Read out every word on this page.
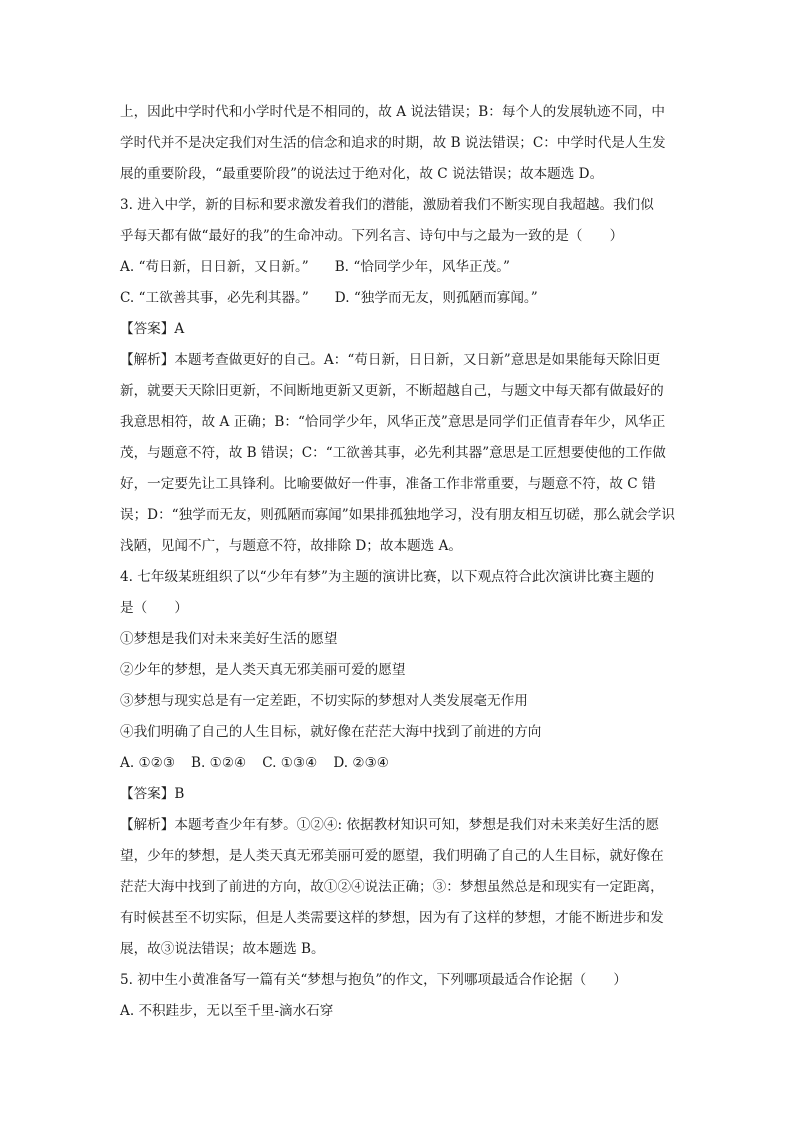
上，因此中学时代和小学时代是不相同的，故 A 说法错误；B：每个人的发展轨迹不同，中
学时代并不是决定我们对生活的信念和追求的时期，故 B 说法错误；C：中学时代是人生发
展的重要阶段，“最重要阶段”的说法过于绝对化，故 C 说法错误；故本题选 D。
3. 进入中学，新的目标和要求激发着我们的潜能，激励着我们不断实现自我超越。我们似
乎每天都有做“最好的我”的生命冲动。下列名言、诗句中与之最为一致的是（　　）
A. “苟日新，日日新，又日新。” B. “恰同学少年，风华正茂。”
C. “工欲善其事，必先利其器。” D. “独学而无友，则孤陋而寡闻。”
【答案】A
【解析】本题考查做更好的自己。A：“苟日新，日日新，又日新”意思是如果能每天除旧更
新，就要天天除旧更新，不间断地更新又更新，不断超越自己，与题文中每天都有做最好的
我意思相符，故 A 正确；B：“恰同学少年，风华正茂”意思是同学们正值青春年少，风华正
茂，与题意不符，故 B 错误；C：“工欲善其事，必先利其器”意思是工匠想要使他的工作做
好，一定要先让工具锋利。比喻要做好一件事，准备工作非常重要，与题意不符，故 C 错
误；D：“独学而无友，则孤陋而寡闻”如果排孤独地学习，没有朋友相互切磋，那么就会学识
浅陋，见闻不广，与题意不符，故排除 D；故本题选 A。
4. 七年级某班组织了以“少年有梦”为主题的演讲比赛，以下观点符合此次演讲比赛主题的
是（　　）
①梦想是我们对未来美好生活的愿望
②少年的梦想，是人类天真无邪美丽可爱的愿望
③梦想与现实总是有一定差距，不切实际的梦想对人类发展毫无作用
④我们明确了自己的人生目标，就好像在茫茫大海中找到了前进的方向
A. ①②③ B. ①②④ C. ①③④ D. ②③④
【答案】B
【解析】本题考查少年有梦。①②④: 依据教材知识可知，梦想是我们对未来美好生活的愿
望，少年的梦想，是人类天真无邪美丽可爱的愿望，我们明确了自己的人生目标，就好像在
茫茫大海中找到了前进的方向，故①②④说法正确；③：梦想虽然总是和现实有一定距离，
有时候甚至不切实际，但是人类需要这样的梦想，因为有了这样的梦想，才能不断进步和发
展，故③说法错误；故本题选 B。
5. 初中生小黄准备写一篇有关“梦想与抱负”的作文，下列哪项最适合作论据（　　）
A. 不积跬步，无以至千里-滴水石穿
